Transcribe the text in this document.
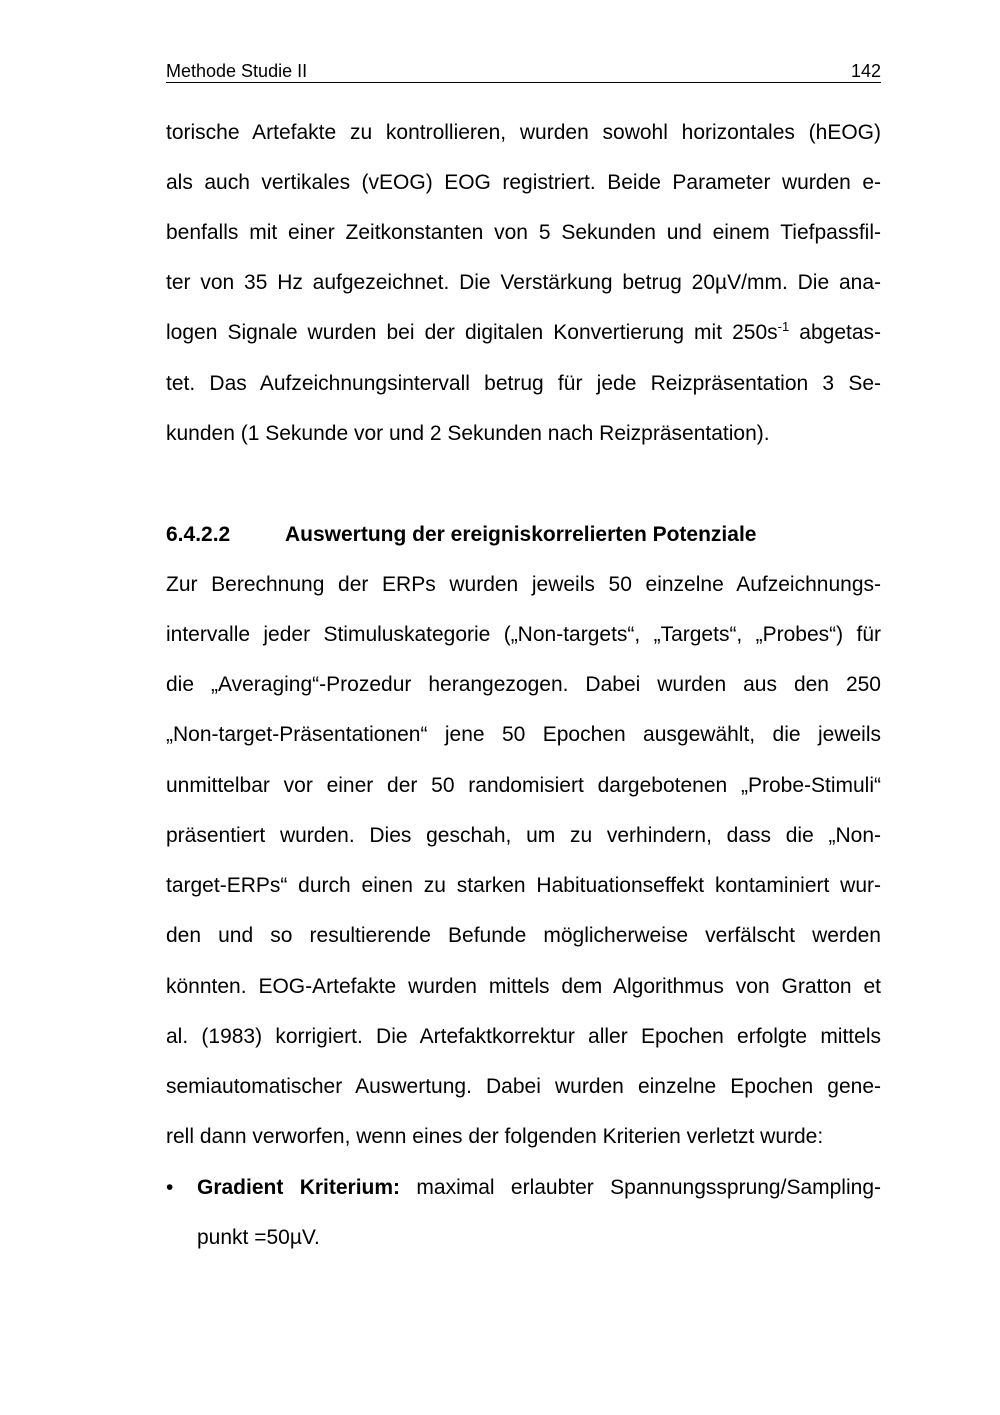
Methode Studie II	142
torische Artefakte zu kontrollieren, wurden sowohl horizontales (hEOG)
als auch vertikales (vEOG) EOG registriert. Beide Parameter wurden e-
benfalls mit einer Zeitkonstanten von 5 Sekunden und einem Tiefpassfil-
ter von 35 Hz aufgezeichnet. Die Verstärkung betrug 20µV/mm. Die ana-
logen Signale wurden bei der digitalen Konvertierung mit $250s^{-1}$ abgetas-
tet. Das Aufzeichnungsintervall betrug für jede Reizpräsentation 3 Se-
kunden (1 Sekunde vor und 2 Sekunden nach Reizpräsentation).
6.4.2.2	Auswertung der ereigniskorrelierten Potenziale
Zur Berechnung der ERPs wurden jeweils 50 einzelne Aufzeichnungs-
intervalle jeder Stimuluskategorie („Non-targets“, „Targets“, „Probes“) für
die „Averaging“-Prozedur herangezogen. Dabei wurden aus den 250
„Non-target-Präsentationen“ jene 50 Epochen ausgewählt, die jeweils
unmittelbar vor einer der 50 randomisiert dargebotenen „Probe-Stimuli“
präsentiert wurden. Dies geschah, um zu verhindern, dass die „Non-
target-ERPs“ durch einen zu starken Habituationseffekt kontaminiert wur-
den und so resultierende Befunde möglicherweise verfälscht werden
könnten. EOG-Artefakte wurden mittels dem Algorithmus von Gratton et
al. (1983) korrigiert. Die Artefaktkorrektur aller Epochen erfolgte mittels
semiautomatischer Auswertung. Dabei wurden einzelne Epochen gene-
rell dann verworfen, wenn eines der folgenden Kriterien verletzt wurde:
• Gradient Kriterium: maximal erlaubter Spannungssprung/Sampling-
punkt =50µV.
